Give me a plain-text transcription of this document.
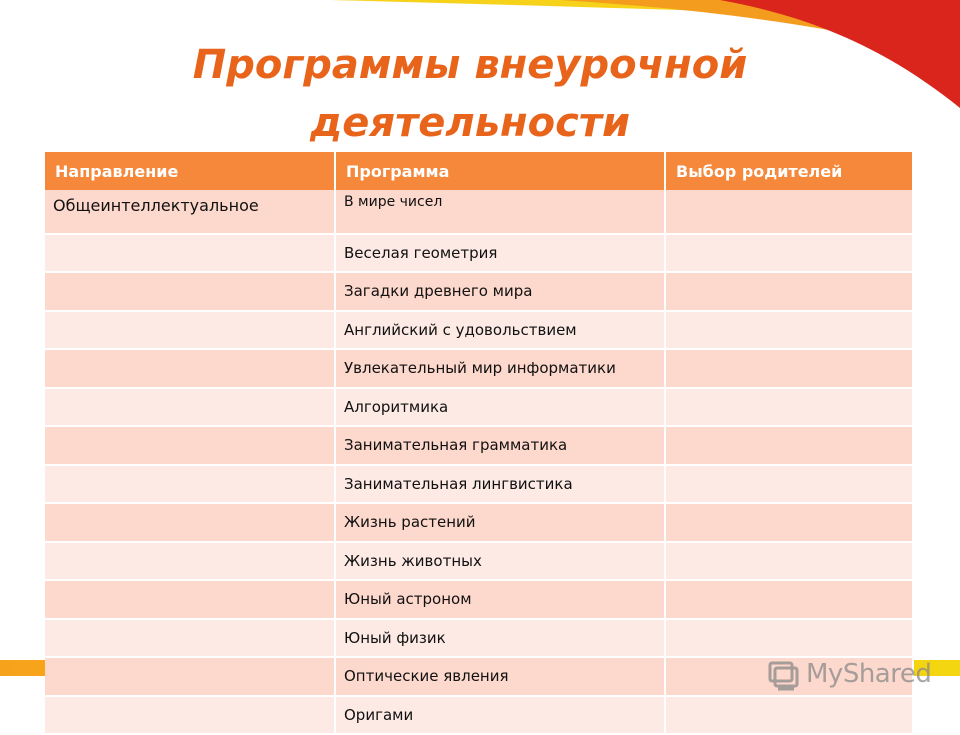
Программы внеурочной деятельности
Направление	Программа	Выбор родителей
Общеинтеллектуальное	В мире чисел	
	Веселая геометрия	
	Загадки древнего мира	
	Английский с удовольствием	
	Увлекательный мир информатики	
	Алгоритмика	
	Занимательная грамматика	
	Занимательная лингвистика	
	Жизнь растений	
	Жизнь животных	
	Юный астроном	
	Юный физик	
	Оптические явления	
	Оригами	
MyShared
